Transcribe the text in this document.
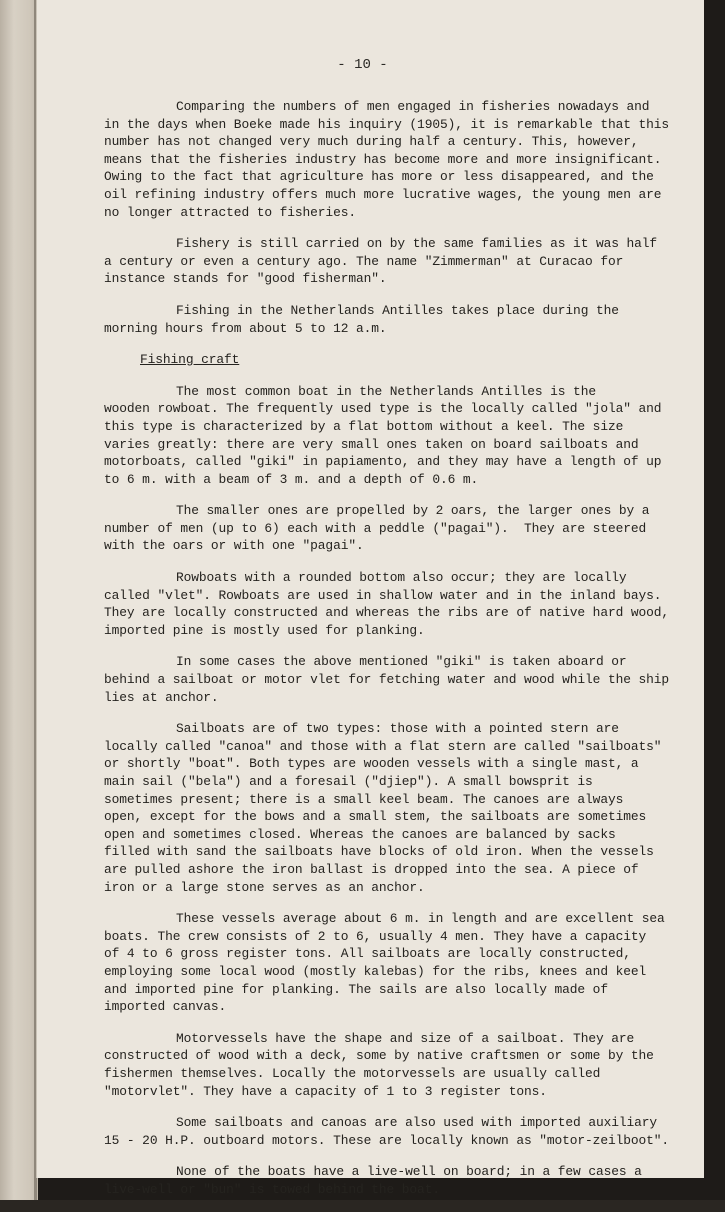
- 10 -
Comparing the numbers of men engaged in fisheries nowadays and
in the days when Boeke made his inquiry (1905), it is remarkable that this
number has not changed very much during half a century. This, however,
means that the fisheries industry has become more and more insignificant.
Owing to the fact that agriculture has more or less disappeared, and the
oil refining industry offers much more lucrative wages, the young men are
no longer attracted to fisheries.
Fishery is still carried on by the same families as it was half
a century or even a century ago. The name "Zimmerman" at Curacao for
instance stands for "good fisherman".
Fishing in the Netherlands Antilles takes place during the
morning hours from about 5 to 12 a.m.
Fishing craft
The most common boat in the Netherlands Antilles is the
wooden rowboat. The frequently used type is the locally called "jola" and
this type is characterized by a flat bottom without a keel. The size
varies greatly: there are very small ones taken on board sailboats and
motorboats, called "giki" in papiamento, and they may have a length of up
to 6 m. with a beam of 3 m. and a depth of 0.6 m.
The smaller ones are propelled by 2 oars, the larger ones by a
number of men (up to 6) each with a peddle ("pagai").  They are steered
with the oars or with one "pagai".
Rowboats with a rounded bottom also occur; they are locally
called "vlet". Rowboats are used in shallow water and in the inland bays.
They are locally constructed and whereas the ribs are of native hard wood,
imported pine is mostly used for planking.
In some cases the above mentioned "giki" is taken aboard or
behind a sailboat or motor vlet for fetching water and wood while the ship
lies at anchor.
Sailboats are of two types: those with a pointed stern are
locally called "canoa" and those with a flat stern are called "sailboats"
or shortly "boat". Both types are wooden vessels with a single mast, a
main sail ("bela") and a foresail ("djiep"). A small bowsprit is
sometimes present; there is a small keel beam. The canoes are always
open, except for the bows and a small stem, the sailboats are sometimes
open and sometimes closed. Whereas the canoes are balanced by sacks
filled with sand the sailboats have blocks of old iron. When the vessels
are pulled ashore the iron ballast is dropped into the sea. A piece of
iron or a large stone serves as an anchor.
These vessels average about 6 m. in length and are excellent sea
boats. The crew consists of 2 to 6, usually 4 men. They have a capacity
of 4 to 6 gross register tons. All sailboats are locally constructed,
employing some local wood (mostly kalebas) for the ribs, knees and keel
and imported pine for planking. The sails are also locally made of
imported canvas.
Motorvessels have the shape and size of a sailboat. They are
constructed of wood with a deck, some by native craftsmen or some by the
fishermen themselves. Locally the motorvessels are usually called
"motorvlet". They have a capacity of 1 to 3 register tons.
Some sailboats and canoas are also used with imported auxiliary
15 - 20 H.P. outboard motors. These are locally known as "motor-zeilboot".
None of the boats have a live-well on board; in a few cases a
live-well or "bun" is towed behind the boat.
